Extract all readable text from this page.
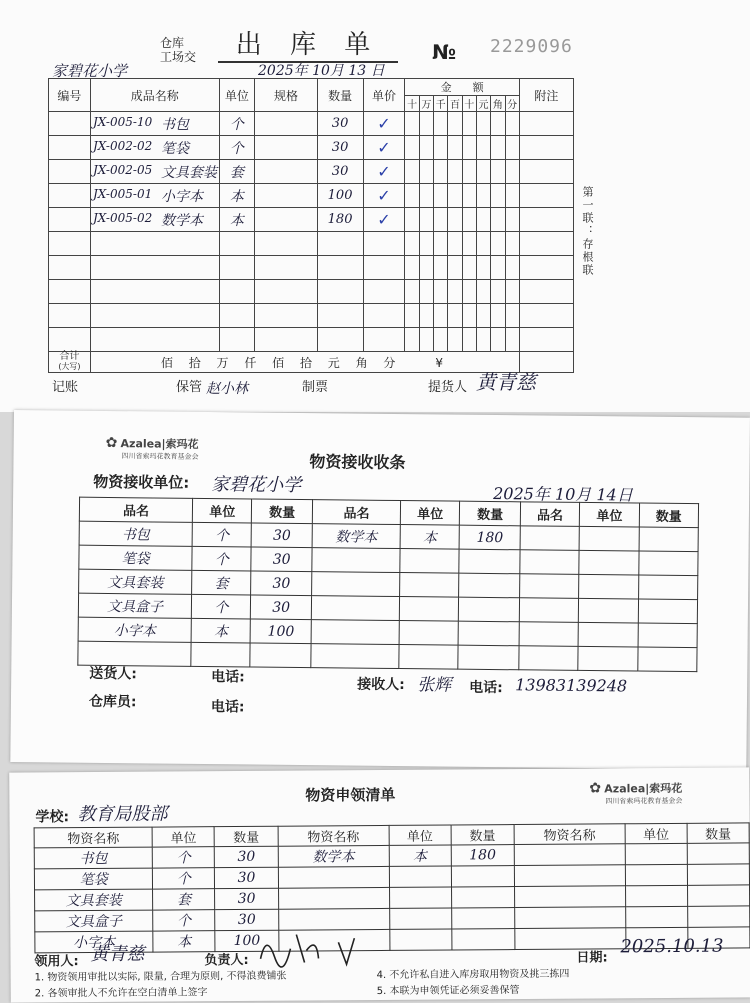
仓库
工场交	出 库 单	№ 2229096
家碧花小学	2025年 10月 13 日
编号	成品名称	单位	规格	数量	单价	金 额								附注
						十	万	千	百	十	元	角	分	

JX-005-10 书包		个		30	✓									

JX-002-02 笔袋		个		30	✓									

JX-002-05 文具套装		套		30	✓									

JX-005-01 小字本		本		100	✓									

JX-005-02 数学本		本		180	✓									

合计
(大写)	佰 拾 万 仟 佰 拾 元 角 分 ¥													
第一联：存根联
记账	保管 赵小林	制票	提货人 黄青慈
✿ Azalea|索玛花
四川省索玛花教育基金会	物资接收收条
物资接收单位: 家碧花小学	2025年 10月 14日
品名	单位	数量	品名	单位	数量	品名	单位	数量
书包	个	30	数学本	本	180			
笔袋	个	30						
文具套装	套	30						
文具盒子	个	30						
小字本	本	100						

送货人:	电话:	接收人: 张辉 电话: 13983139248
仓库员:	电话:
物资申领清单	✿ Azalea|索玛花
四川省索玛花教育基金会
学校: 教育局股部
物资名称	单位	数量	物资名称	单位	数量	物资名称	单位	数量
书包	个	30	数学本	本	180			
笔袋	个	30						
文具套装	套	30						
文具盒子	个	30						
小字本	本	100						
领用人: 黄青慈	负责人:	日期:
2025.10.13
1. 物资领用审批以实际, 限量, 合理为原则, 不得浪费铺张
2. 各领审批人不允许在空白清单上签字
4. 不允许私自进入库房取用物资及挑三拣四
5. 本联为申领凭证必须妥善保管
